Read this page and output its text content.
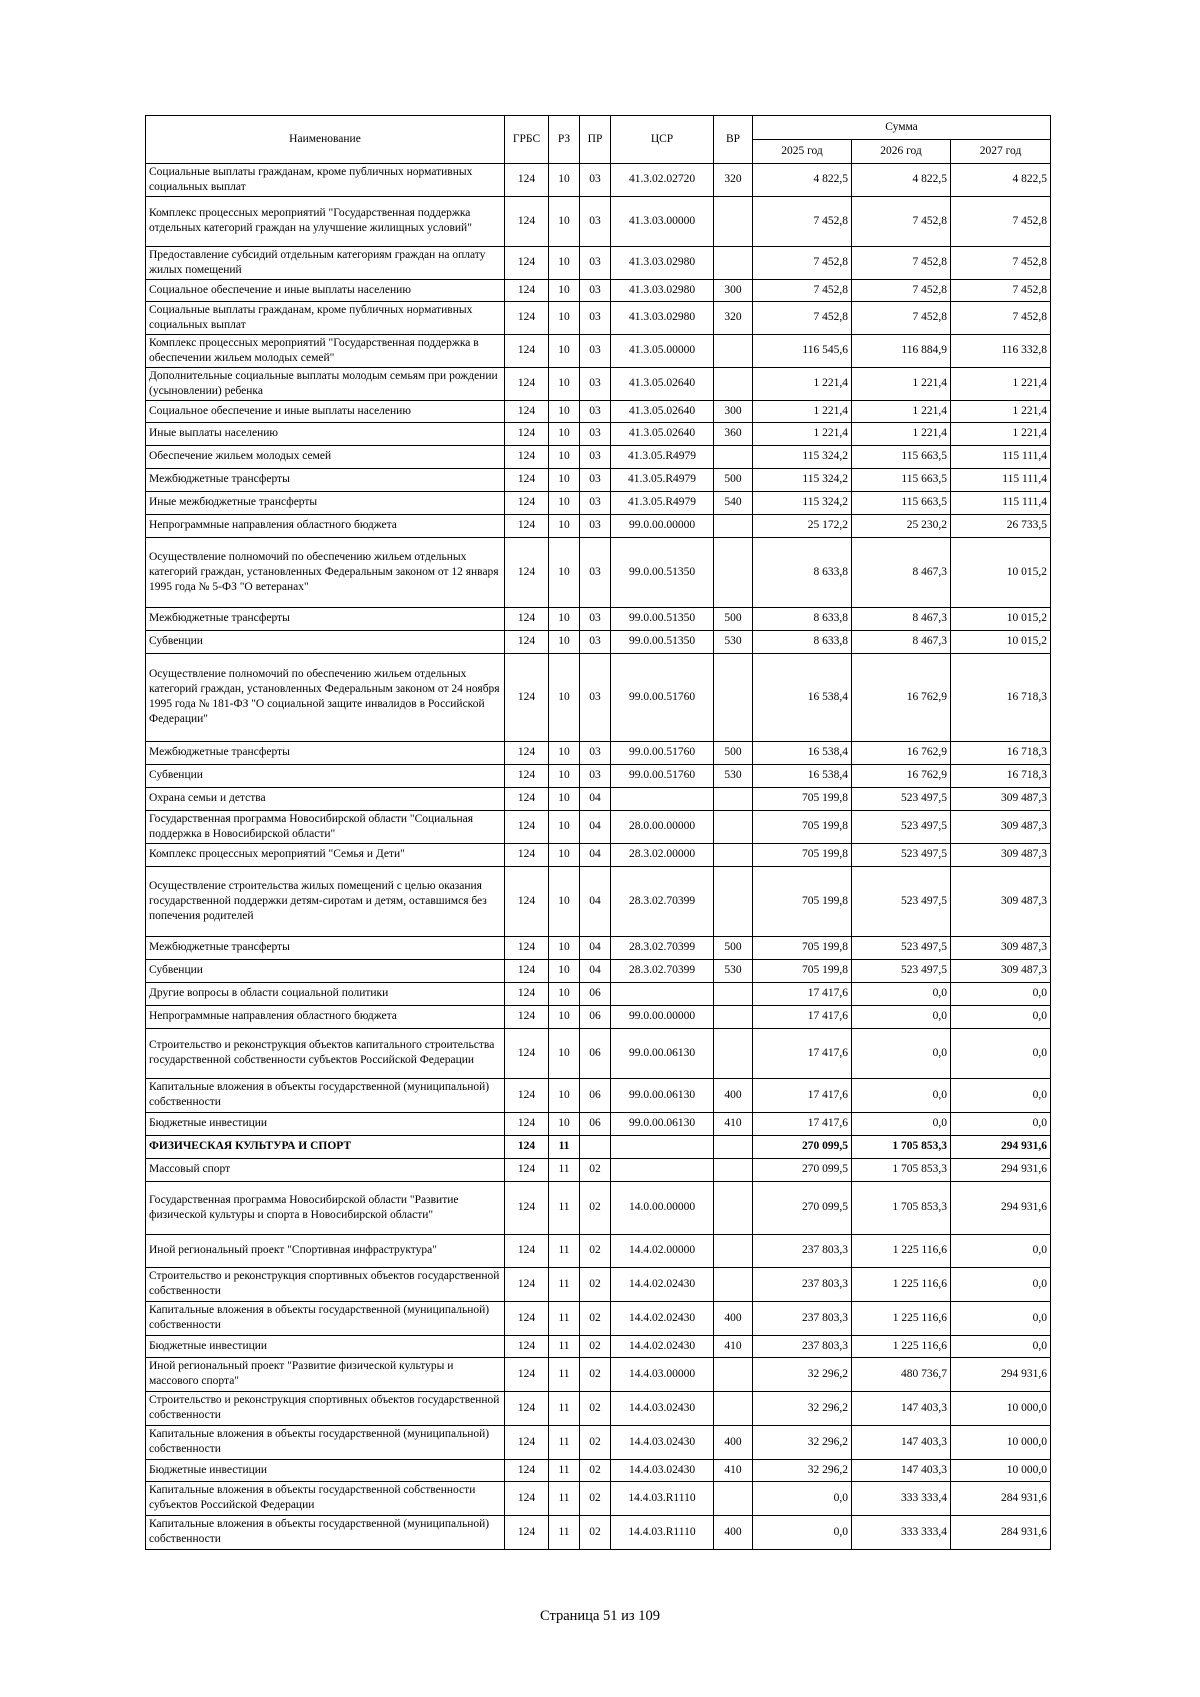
Наименование	ГРБС	РЗ	ПР	ЦСР	ВР	Сумма		
						2025 год	2026 год	2027 год
Социальные выплаты гражданам, кроме публичных нормативных социальных выплат	124	10	03	41.3.02.02720	320	4 822,5	4 822,5	4 822,5
Комплекс процессных мероприятий "Государственная поддержка отдельных категорий граждан на улучшение жилищных условий"	124	10	03	41.3.03.00000		7 452,8	7 452,8	7 452,8
Предоставление субсидий отдельным категориям граждан на оплату жилых помещений	124	10	03	41.3.03.02980		7 452,8	7 452,8	7 452,8
Социальное обеспечение и иные выплаты населению	124	10	03	41.3.03.02980	300	7 452,8	7 452,8	7 452,8
Социальные выплаты гражданам, кроме публичных нормативных социальных выплат	124	10	03	41.3.03.02980	320	7 452,8	7 452,8	7 452,8
Комплекс процессных мероприятий "Государственная поддержка в обеспечении жильем молодых семей"	124	10	03	41.3.05.00000		116 545,6	116 884,9	116 332,8
Дополнительные социальные выплаты молодым семьям при рождении (усыновлении) ребенка	124	10	03	41.3.05.02640		1 221,4	1 221,4	1 221,4
Социальное обеспечение и иные выплаты населению	124	10	03	41.3.05.02640	300	1 221,4	1 221,4	1 221,4
Иные выплаты населению	124	10	03	41.3.05.02640	360	1 221,4	1 221,4	1 221,4
Обеспечение жильем молодых семей	124	10	03	41.3.05.R4979		115 324,2	115 663,5	115 111,4
Межбюджетные трансферты	124	10	03	41.3.05.R4979	500	115 324,2	115 663,5	115 111,4
Иные межбюджетные трансферты	124	10	03	41.3.05.R4979	540	115 324,2	115 663,5	115 111,4
Непрограммные направления областного бюджета	124	10	03	99.0.00.00000		25 172,2	25 230,2	26 733,5
Осуществление полномочий по обеспечению жильем отдельных категорий граждан, установленных Федеральным законом от 12 января 1995 года № 5-ФЗ "О ветеранах"	124	10	03	99.0.00.51350		8 633,8	8 467,3	10 015,2
Межбюджетные трансферты	124	10	03	99.0.00.51350	500	8 633,8	8 467,3	10 015,2
Субвенции	124	10	03	99.0.00.51350	530	8 633,8	8 467,3	10 015,2
Осуществление полномочий по обеспечению жильем отдельных категорий граждан, установленных Федеральным законом от 24 ноября 1995 года № 181-ФЗ "О социальной защите инвалидов в Российской Федерации"	124	10	03	99.0.00.51760		16 538,4	16 762,9	16 718,3
Межбюджетные трансферты	124	10	03	99.0.00.51760	500	16 538,4	16 762,9	16 718,3
Субвенции	124	10	03	99.0.00.51760	530	16 538,4	16 762,9	16 718,3
Охрана семьи и детства	124	10	04			705 199,8	523 497,5	309 487,3
Государственная программа Новосибирской области "Социальная поддержка в Новосибирской области"	124	10	04	28.0.00.00000		705 199,8	523 497,5	309 487,3
Комплекс процессных мероприятий "Семья и Дети"	124	10	04	28.3.02.00000		705 199,8	523 497,5	309 487,3
Осуществление строительства жилых помещений с целью оказания государственной поддержки детям-сиротам и детям, оставшимся без попечения родителей	124	10	04	28.3.02.70399		705 199,8	523 497,5	309 487,3
Межбюджетные трансферты	124	10	04	28.3.02.70399	500	705 199,8	523 497,5	309 487,3
Субвенции	124	10	04	28.3.02.70399	530	705 199,8	523 497,5	309 487,3
Другие вопросы в области социальной политики	124	10	06			17 417,6	0,0	0,0
Непрограммные направления областного бюджета	124	10	06	99.0.00.00000		17 417,6	0,0	0,0
Строительство и реконструкция объектов капитального строительства государственной собственности субъектов Российской Федерации	124	10	06	99.0.00.06130		17 417,6	0,0	0,0
Капитальные вложения в объекты государственной (муниципальной) собственности	124	10	06	99.0.00.06130	400	17 417,6	0,0	0,0
Бюджетные инвестиции	124	10	06	99.0.00.06130	410	17 417,6	0,0	0,0
ФИЗИЧЕСКАЯ КУЛЬТУРА И СПОРТ	124	11				270 099,5	1 705 853,3	294 931,6
Массовый спорт	124	11	02			270 099,5	1 705 853,3	294 931,6
Государственная программа Новосибирской области "Развитие физической культуры и спорта в Новосибирской области"	124	11	02	14.0.00.00000		270 099,5	1 705 853,3	294 931,6
Иной региональный проект "Спортивная инфраструктура"	124	11	02	14.4.02.00000		237 803,3	1 225 116,6	0,0
Строительство и реконструкция спортивных объектов государственной собственности	124	11	02	14.4.02.02430		237 803,3	1 225 116,6	0,0
Капитальные вложения в объекты государственной (муниципальной) собственности	124	11	02	14.4.02.02430	400	237 803,3	1 225 116,6	0,0
Бюджетные инвестиции	124	11	02	14.4.02.02430	410	237 803,3	1 225 116,6	0,0
Иной региональный проект "Развитие физической культуры и массового спорта"	124	11	02	14.4.03.00000		32 296,2	480 736,7	294 931,6
Строительство и реконструкция спортивных объектов государственной собственности	124	11	02	14.4.03.02430		32 296,2	147 403,3	10 000,0
Капитальные вложения в объекты государственной (муниципальной) собственности	124	11	02	14.4.03.02430	400	32 296,2	147 403,3	10 000,0
Бюджетные инвестиции	124	11	02	14.4.03.02430	410	32 296,2	147 403,3	10 000,0
Капитальные вложения в объекты государственной собственности субъектов Российской Федерации	124	11	02	14.4.03.R1110		0,0	333 333,4	284 931,6
Капитальные вложения в объекты государственной (муниципальной) собственности	124	11	02	14.4.03.R1110	400	0,0	333 333,4	284 931,6
Страница 51 из 109
